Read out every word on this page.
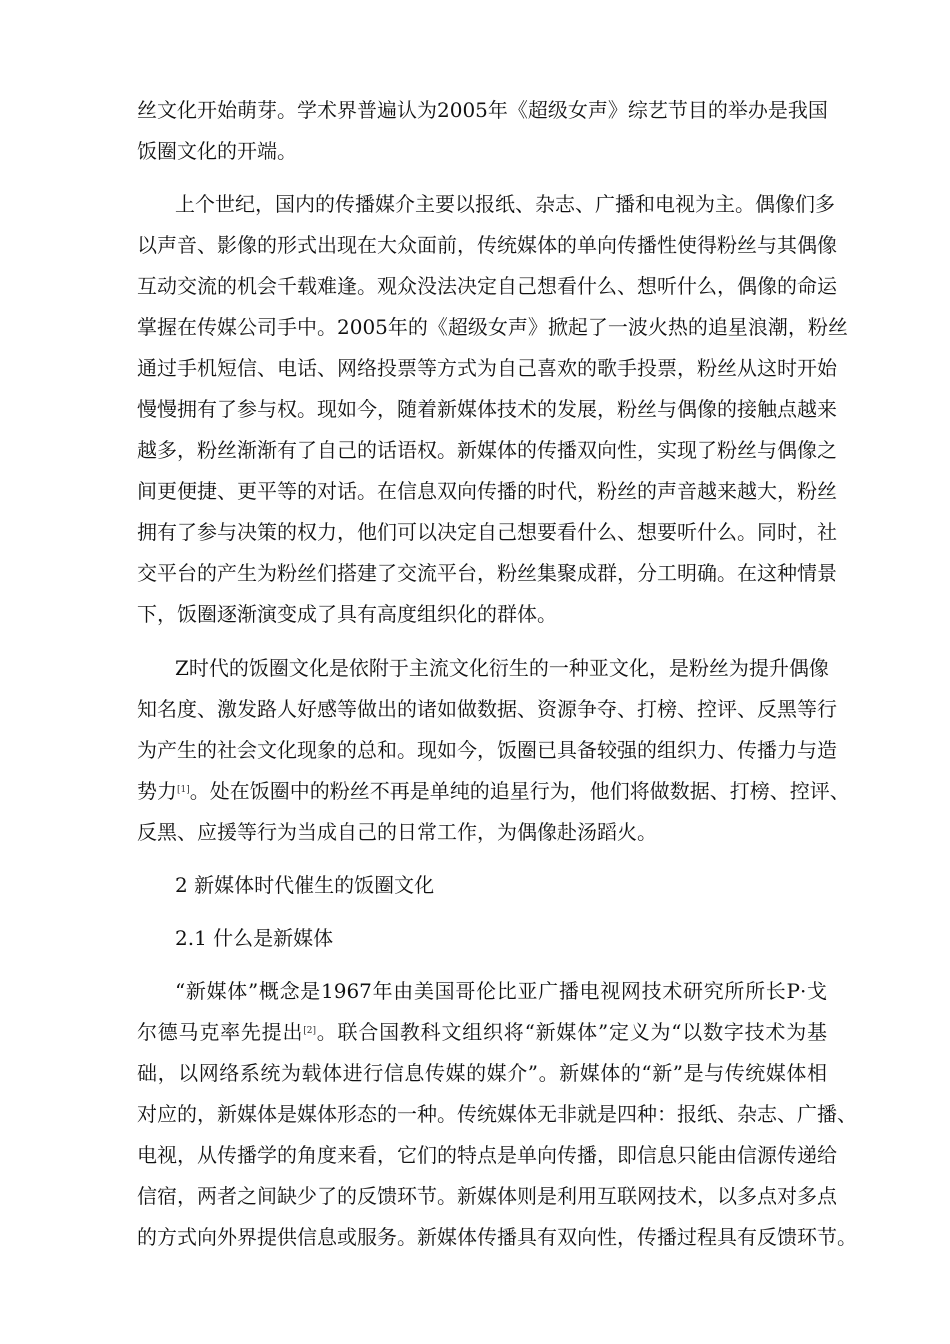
丝文化开始萌芽。学术界普遍认为2005年《超级女声》综艺节目的举办是我国
饭圈文化的开端。
上个世纪，国内的传播媒介主要以报纸、杂志、广播和电视为主。偶像们多
以声音、影像的形式出现在大众面前，传统媒体的单向传播性使得粉丝与其偶像
互动交流的机会千载难逢。观众没法决定自己想看什么、想听什么，偶像的命运
掌握在传媒公司手中。2005年的《超级女声》掀起了一波火热的追星浪潮，粉丝
通过手机短信、电话、网络投票等方式为自己喜欢的歌手投票，粉丝从这时开始
慢慢拥有了参与权。现如今，随着新媒体技术的发展，粉丝与偶像的接触点越来
越多，粉丝渐渐有了自己的话语权。新媒体的传播双向性，实现了粉丝与偶像之
间更便捷、更平等的对话。在信息双向传播的时代，粉丝的声音越来越大，粉丝
拥有了参与决策的权力，他们可以决定自己想要看什么、想要听什么。同时，社
交平台的产生为粉丝们搭建了交流平台，粉丝集聚成群，分工明确。在这种情景
下，饭圈逐渐演变成了具有高度组织化的群体。
Z时代的饭圈文化是依附于主流文化衍生的一种亚文化，是粉丝为提升偶像
知名度、激发路人好感等做出的诸如做数据、资源争夺、打榜、控评、反黑等行
为产生的社会文化现象的总和。现如今，饭圈已具备较强的组织力、传播力与造
势力[1]。处在饭圈中的粉丝不再是单纯的追星行为，他们将做数据、打榜、控评、
反黑、应援等行为当成自己的日常工作，为偶像赴汤蹈火。
2 新媒体时代催生的饭圈文化
2.1 什么是新媒体
“新媒体”概念是1967年由美国哥伦比亚广播电视网技术研究所所长P·戈
尔德马克率先提出[2]。联合国教科文组织将“新媒体”定义为“以数字技术为基
础，以网络系统为载体进行信息传媒的媒介”。新媒体的“新”是与传统媒体相
对应的，新媒体是媒体形态的一种。传统媒体无非就是四种：报纸、杂志、广播、
电视，从传播学的角度来看，它们的特点是单向传播，即信息只能由信源传递给
信宿，两者之间缺少了的反馈环节。新媒体则是利用互联网技术，以多点对多点
的方式向外界提供信息或服务。新媒体传播具有双向性，传播过程具有反馈环节。
